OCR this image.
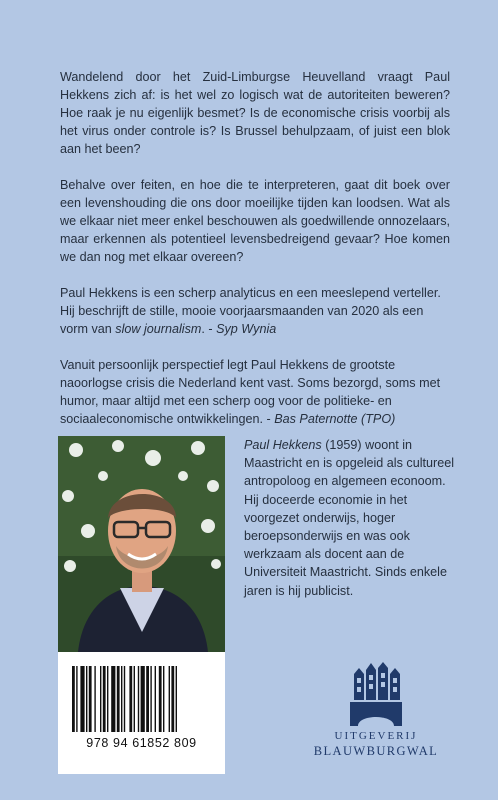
Wandelend door het Zuid-Limburgse Heuvelland vraagt Paul Hekkens zich af: is het wel zo logisch wat de autoriteiten beweren? Hoe raak je nu eigenlijk besmet? Is de economische crisis voorbij als het virus onder controle is? Is Brussel behulpzaam, of juist een blok aan het been?

Behalve over feiten, en hoe die te interpreteren, gaat dit boek over een levenshouding die ons door moeilijke tijden kan loodsen. Wat als we elkaar niet meer enkel beschouwen als goedwillende onnozelaars, maar erkennen als potentieel levensbedreigend gevaar? Hoe komen we dan nog met elkaar overeen?

Paul Hekkens is een scherp analyticus en een meeslepend verteller. Hij beschrijft de stille, mooie voorjaarsmaanden van 2020 als een vorm van slow journalism. - Syp Wynia

Vanuit persoonlijk perspectief legt Paul Hekkens de grootste naoorlogse crisis die Nederland kent vast. Soms bezorgd, soms met humor, maar altijd met een scherp oog voor de politieke- en sociaaleconomische ontwikkelingen. - Bas Paternotte (TPO)

978 94 61852 809
Paul Hekkens (1959) woont in Maastricht en is opgeleid als cultureel antropoloog en algemeen econoom. Hij doceerde economie in het voorgezet onderwijs, hoger beroepsonderwijs en was ook werkzaam als docent aan de Universiteit Maastricht. Sinds enkele jaren is hij publicist.
UITGEVERIJ
BLAUWBURGWAL
